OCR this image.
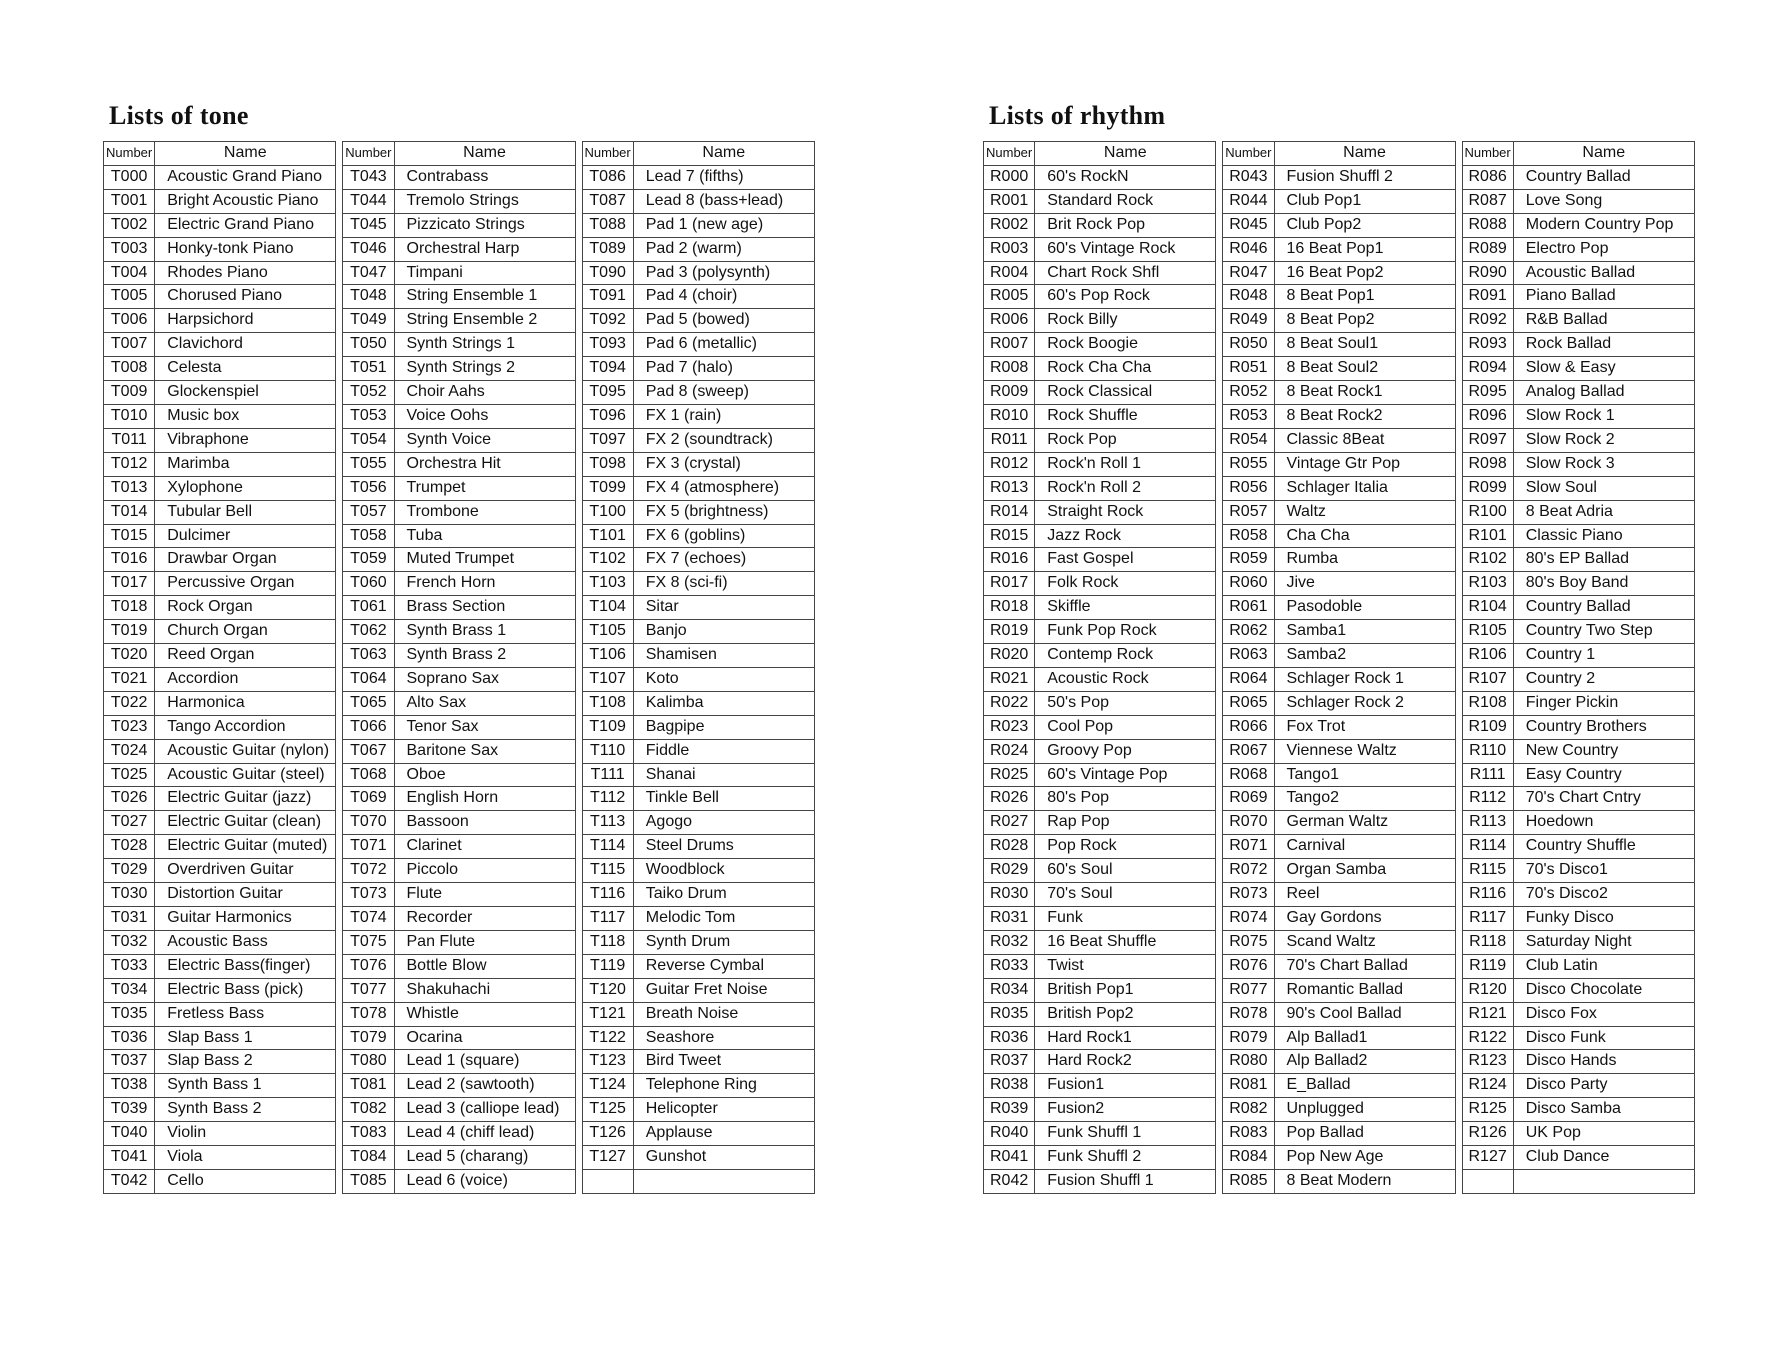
Lists of tone
Number	Name
T000	Acoustic Grand Piano
T001	Bright Acoustic Piano
T002	Electric Grand Piano
T003	Honky-tonk Piano
T004	Rhodes Piano
T005	Chorused Piano
T006	Harpsichord
T007	Clavichord
T008	Celesta
T009	Glockenspiel
T010	Music box
T011	Vibraphone
T012	Marimba
T013	Xylophone
T014	Tubular Bell
T015	Dulcimer
T016	Drawbar Organ
T017	Percussive Organ
T018	Rock Organ
T019	Church Organ
T020	Reed Organ
T021	Accordion
T022	Harmonica
T023	Tango Accordion
T024	Acoustic Guitar (nylon)
T025	Acoustic Guitar (steel)
T026	Electric Guitar (jazz)
T027	Electric Guitar (clean)
T028	Electric Guitar (muted)
T029	Overdriven Guitar
T030	Distortion Guitar
T031	Guitar Harmonics
T032	Acoustic Bass
T033	Electric Bass(finger)
T034	Electric Bass (pick)
T035	Fretless Bass
T036	Slap Bass 1
T037	Slap Bass 2
T038	Synth Bass 1
T039	Synth Bass 2
T040	Violin
T041	Viola
T042	Cello
Number	Name
T043	Contrabass
T044	Tremolo Strings
T045	Pizzicato Strings
T046	Orchestral Harp
T047	Timpani
T048	String Ensemble 1
T049	String Ensemble 2
T050	Synth Strings 1
T051	Synth Strings 2
T052	Choir Aahs
T053	Voice Oohs
T054	Synth Voice
T055	Orchestra Hit
T056	Trumpet
T057	Trombone
T058	Tuba
T059	Muted Trumpet
T060	French Horn
T061	Brass Section
T062	Synth Brass 1
T063	Synth Brass 2
T064	Soprano Sax
T065	Alto Sax
T066	Tenor Sax
T067	Baritone Sax
T068	Oboe
T069	English Horn
T070	Bassoon
T071	Clarinet
T072	Piccolo
T073	Flute
T074	Recorder
T075	Pan Flute
T076	Bottle Blow
T077	Shakuhachi
T078	Whistle
T079	Ocarina
T080	Lead 1 (square)
T081	Lead 2 (sawtooth)
T082	Lead 3 (calliope lead)
T083	Lead 4 (chiff lead)
T084	Lead 5 (charang)
T085	Lead 6 (voice)
Number	Name
T086	Lead 7 (fifths)
T087	Lead 8 (bass+lead)
T088	Pad 1 (new age)
T089	Pad 2 (warm)
T090	Pad 3 (polysynth)
T091	Pad 4 (choir)
T092	Pad 5 (bowed)
T093	Pad 6 (metallic)
T094	Pad 7 (halo)
T095	Pad 8 (sweep)
T096	FX 1 (rain)
T097	FX 2 (soundtrack)
T098	FX 3 (crystal)
T099	FX 4 (atmosphere)
T100	FX 5 (brightness)
T101	FX 6 (goblins)
T102	FX 7 (echoes)
T103	FX 8 (sci-fi)
T104	Sitar
T105	Banjo
T106	Shamisen
T107	Koto
T108	Kalimba
T109	Bagpipe
T110	Fiddle
T111	Shanai
T112	Tinkle Bell
T113	Agogo
T114	Steel Drums
T115	Woodblock
T116	Taiko Drum
T117	Melodic Tom
T118	Synth Drum
T119	Reverse Cymbal
T120	Guitar Fret Noise
T121	Breath Noise
T122	Seashore
T123	Bird Tweet
T124	Telephone Ring
T125	Helicopter
T126	Applause
T127	Gunshot

Lists of rhythm
Number	Name
R000	60's RockN
R001	Standard Rock
R002	Brit Rock Pop
R003	60's Vintage Rock
R004	Chart Rock Shfl
R005	60's Pop Rock
R006	Rock Billy
R007	Rock Boogie
R008	Rock Cha Cha
R009	Rock Classical
R010	Rock Shuffle
R011	Rock Pop
R012	Rock'n Roll 1
R013	Rock'n Roll 2
R014	Straight Rock
R015	Jazz Rock
R016	Fast Gospel
R017	Folk Rock
R018	Skiffle
R019	Funk Pop Rock
R020	Contemp Rock
R021	Acoustic Rock
R022	50's Pop
R023	Cool Pop
R024	Groovy Pop
R025	60's Vintage Pop
R026	80's Pop
R027	Rap Pop
R028	Pop Rock
R029	60's Soul
R030	70's Soul
R031	Funk
R032	16 Beat Shuffle
R033	Twist
R034	British Pop1
R035	British Pop2
R036	Hard Rock1
R037	Hard Rock2
R038	Fusion1
R039	Fusion2
R040	Funk Shuffl 1
R041	Funk Shuffl 2
R042	Fusion Shuffl 1
Number	Name
R043	Fusion Shuffl 2
R044	Club Pop1
R045	Club Pop2
R046	16 Beat Pop1
R047	16 Beat Pop2
R048	8 Beat Pop1
R049	8 Beat Pop2
R050	8 Beat Soul1
R051	8 Beat Soul2
R052	8 Beat Rock1
R053	8 Beat Rock2
R054	Classic 8Beat
R055	Vintage Gtr Pop
R056	Schlager Italia
R057	Waltz
R058	Cha Cha
R059	Rumba
R060	Jive
R061	Pasodoble
R062	Samba1
R063	Samba2
R064	Schlager Rock 1
R065	Schlager Rock 2
R066	Fox Trot
R067	Viennese Waltz
R068	Tango1
R069	Tango2
R070	German Waltz
R071	Carnival
R072	Organ Samba
R073	Reel
R074	Gay Gordons
R075	Scand Waltz
R076	70's Chart Ballad
R077	Romantic Ballad
R078	90's Cool Ballad
R079	Alp Ballad1
R080	Alp Ballad2
R081	E_Ballad
R082	Unplugged
R083	Pop Ballad
R084	Pop New Age
R085	8 Beat Modern
Number	Name
R086	Country Ballad
R087	Love Song
R088	Modern Country Pop
R089	Electro Pop
R090	Acoustic Ballad
R091	Piano Ballad
R092	R&B Ballad
R093	Rock Ballad
R094	Slow & Easy
R095	Analog Ballad
R096	Slow Rock 1
R097	Slow Rock 2
R098	Slow Rock 3
R099	Slow Soul
R100	8 Beat Adria
R101	Classic Piano
R102	80's EP Ballad
R103	80's Boy Band
R104	Country Ballad
R105	Country Two Step
R106	Country 1
R107	Country 2
R108	Finger Pickin
R109	Country Brothers
R110	New Country
R111	Easy Country
R112	70's Chart Cntry
R113	Hoedown
R114	Country Shuffle
R115	70's Disco1
R116	70's Disco2
R117	Funky Disco
R118	Saturday Night
R119	Club Latin
R120	Disco Chocolate
R121	Disco Fox
R122	Disco Funk
R123	Disco Hands
R124	Disco Party
R125	Disco Samba
R126	UK Pop
R127	Club Dance
